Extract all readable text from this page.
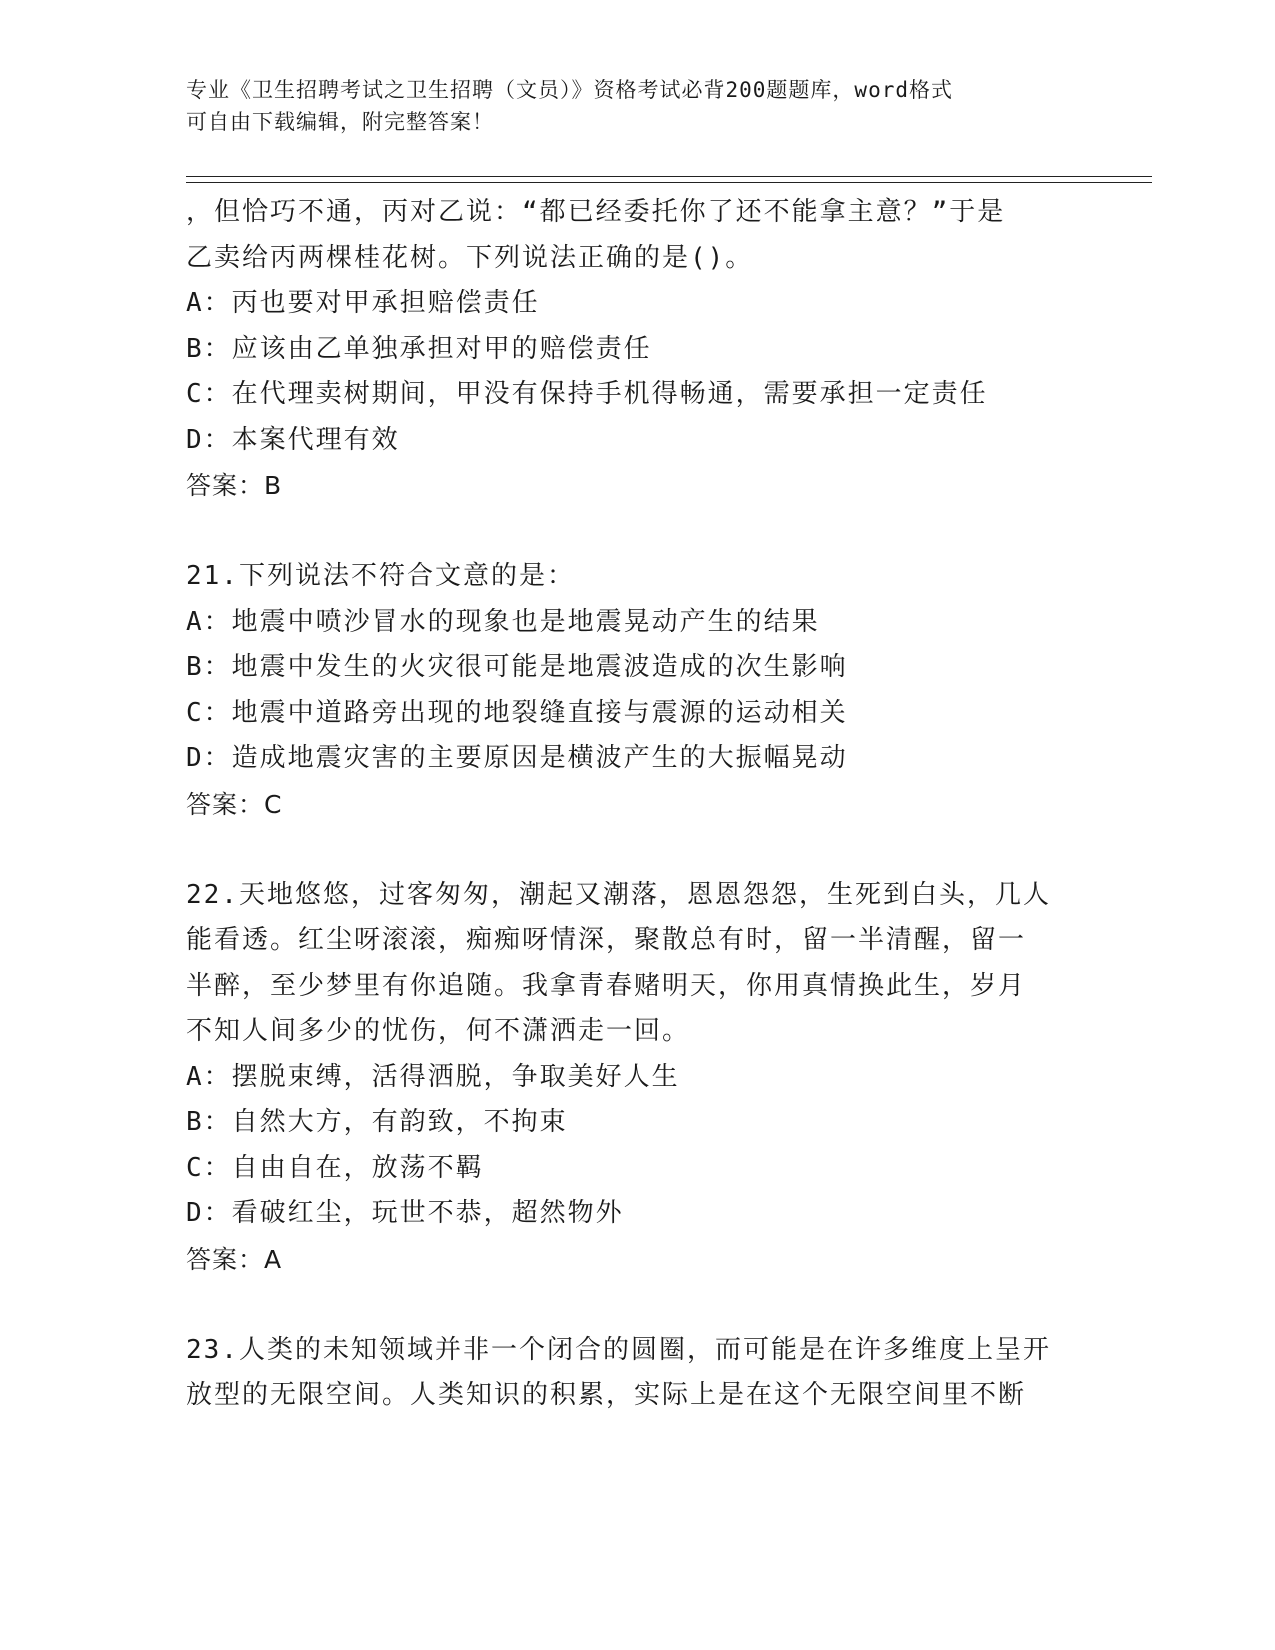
专业《卫生招聘考试之卫生招聘（文员）》资格考试必背200题题库，word格式
可自由下载编辑，附完整答案！
，但恰巧不通，丙对乙说：“都已经委托你了还不能拿主意？”于是
乙卖给丙两棵桂花树。下列说法正确的是()。
A：丙也要对甲承担赔偿责任
B：应该由乙单独承担对甲的赔偿责任
C：在代理卖树期间，甲没有保持手机得畅通，需要承担一定责任
D：本案代理有效
答案：B
21.下列说法不符合文意的是：
A：地震中喷沙冒水的现象也是地震晃动产生的结果
B：地震中发生的火灾很可能是地震波造成的次生影响
C：地震中道路旁出现的地裂缝直接与震源的运动相关
D：造成地震灾害的主要原因是横波产生的大振幅晃动
答案：C
22.天地悠悠，过客匆匆，潮起又潮落，恩恩怨怨，生死到白头，几人
能看透。红尘呀滚滚，痴痴呀情深，聚散总有时，留一半清醒，留一
半醉，至少梦里有你追随。我拿青春赌明天，你用真情换此生，岁月
不知人间多少的忧伤，何不潇洒走一回。
A：摆脱束缚，活得洒脱，争取美好人生
B：自然大方，有韵致，不拘束
C：自由自在，放荡不羁
D：看破红尘，玩世不恭，超然物外
答案：A
23.人类的未知领域并非一个闭合的圆圈，而可能是在许多维度上呈开
放型的无限空间。人类知识的积累，实际上是在这个无限空间里不断
